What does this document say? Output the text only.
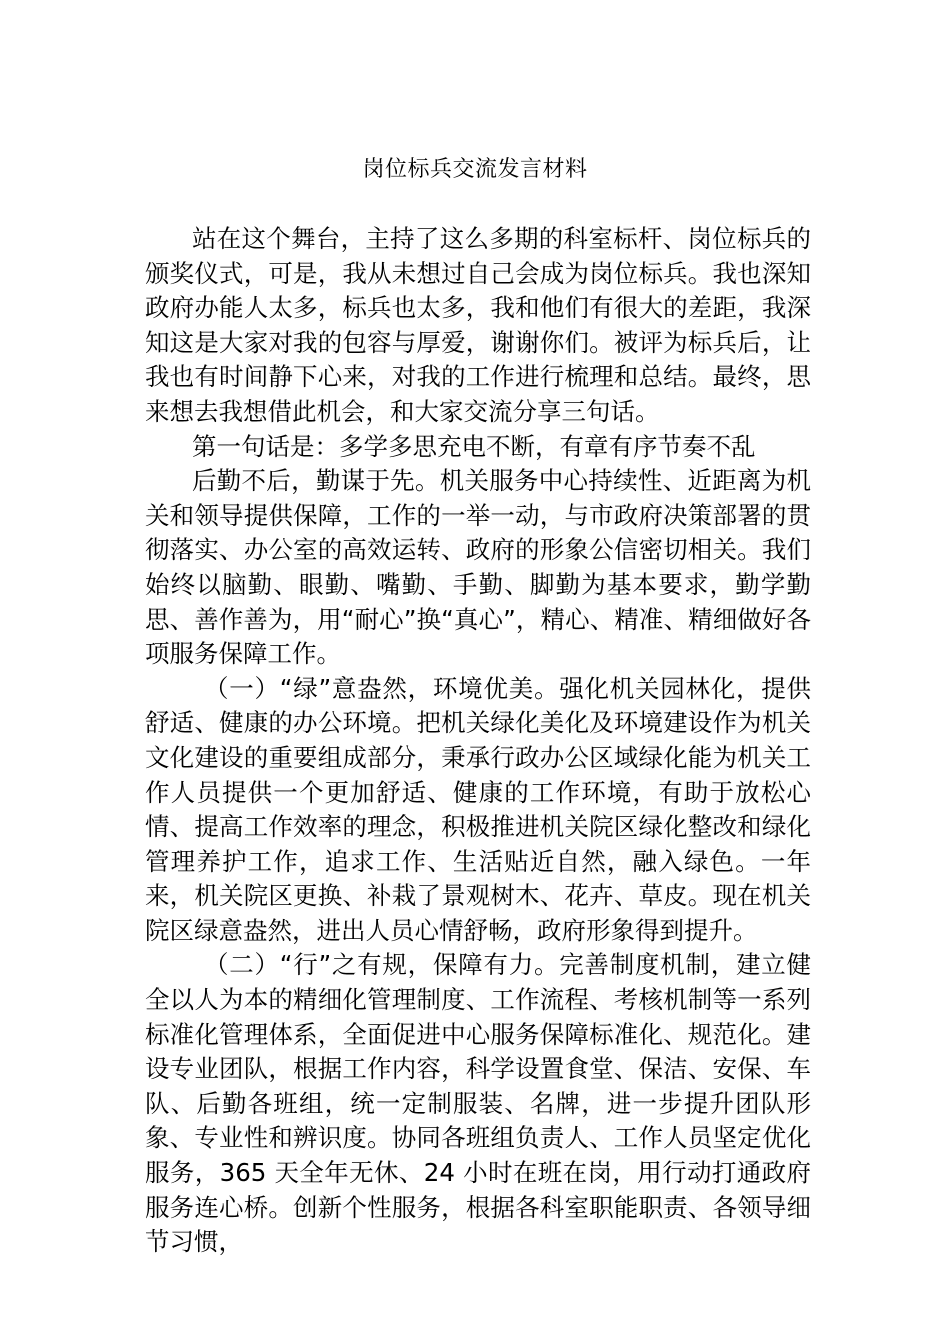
岗位标兵交流发言材料

站在这个舞台，主持了这么多期的科室标杆、岗位标兵的颁奖仪式，可是，我从未想过自己会成为岗位标兵。我也深知政府办能人太多，标兵也太多，我和他们有很大的差距，我深知这是大家对我的包容与厚爱，谢谢你们。被评为标兵后，让我也有时间静下心来，对我的工作进行梳理和总结。最终，思来想去我想借此机会，和大家交流分享三句话。

第一句话是：多学多思充电不断，有章有序节奏不乱

后勤不后，勤谋于先。机关服务中心持续性、近距离为机关和领导提供保障，工作的一举一动，与市政府决策部署的贯彻落实、办公室的高效运转、政府的形象公信密切相关。我们始终以脑勤、眼勤、嘴勤、手勤、脚勤为基本要求，勤学勤思、善作善为，用“耐心”换“真心”，精心、精准、精细做好各项服务保障工作。

（一）“绿”意盎然，环境优美。强化机关园林化，提供舒适、健康的办公环境。把机关绿化美化及环境建设作为机关文化建设的重要组成部分，秉承行政办公区域绿化能为机关工作人员提供一个更加舒适、健康的工作环境，有助于放松心情、提高工作效率的理念，积极推进机关院区绿化整改和绿化管理养护工作，追求工作、生活贴近自然，融入绿色。一年来，机关院区更换、补栽了景观树木、花卉、草皮。现在机关院区绿意盎然，进出人员心情舒畅，政府形象得到提升。

（二）“行”之有规，保障有力。完善制度机制，建立健全以人为本的精细化管理制度、工作流程、考核机制等一系列标准化管理体系，全面促进中心服务保障标准化、规范化。建设专业团队，根据工作内容，科学设置食堂、保洁、安保、车队、后勤各班组，统一定制服装、名牌，进一步提升团队形象、专业性和辨识度。协同各班组负责人、工作人员坚定优化服务，365 天全年无休、24 小时在班在岗，用行动打通政府服务连心桥。创新个性服务，根据各科室职能职责、各领导细节习惯，
